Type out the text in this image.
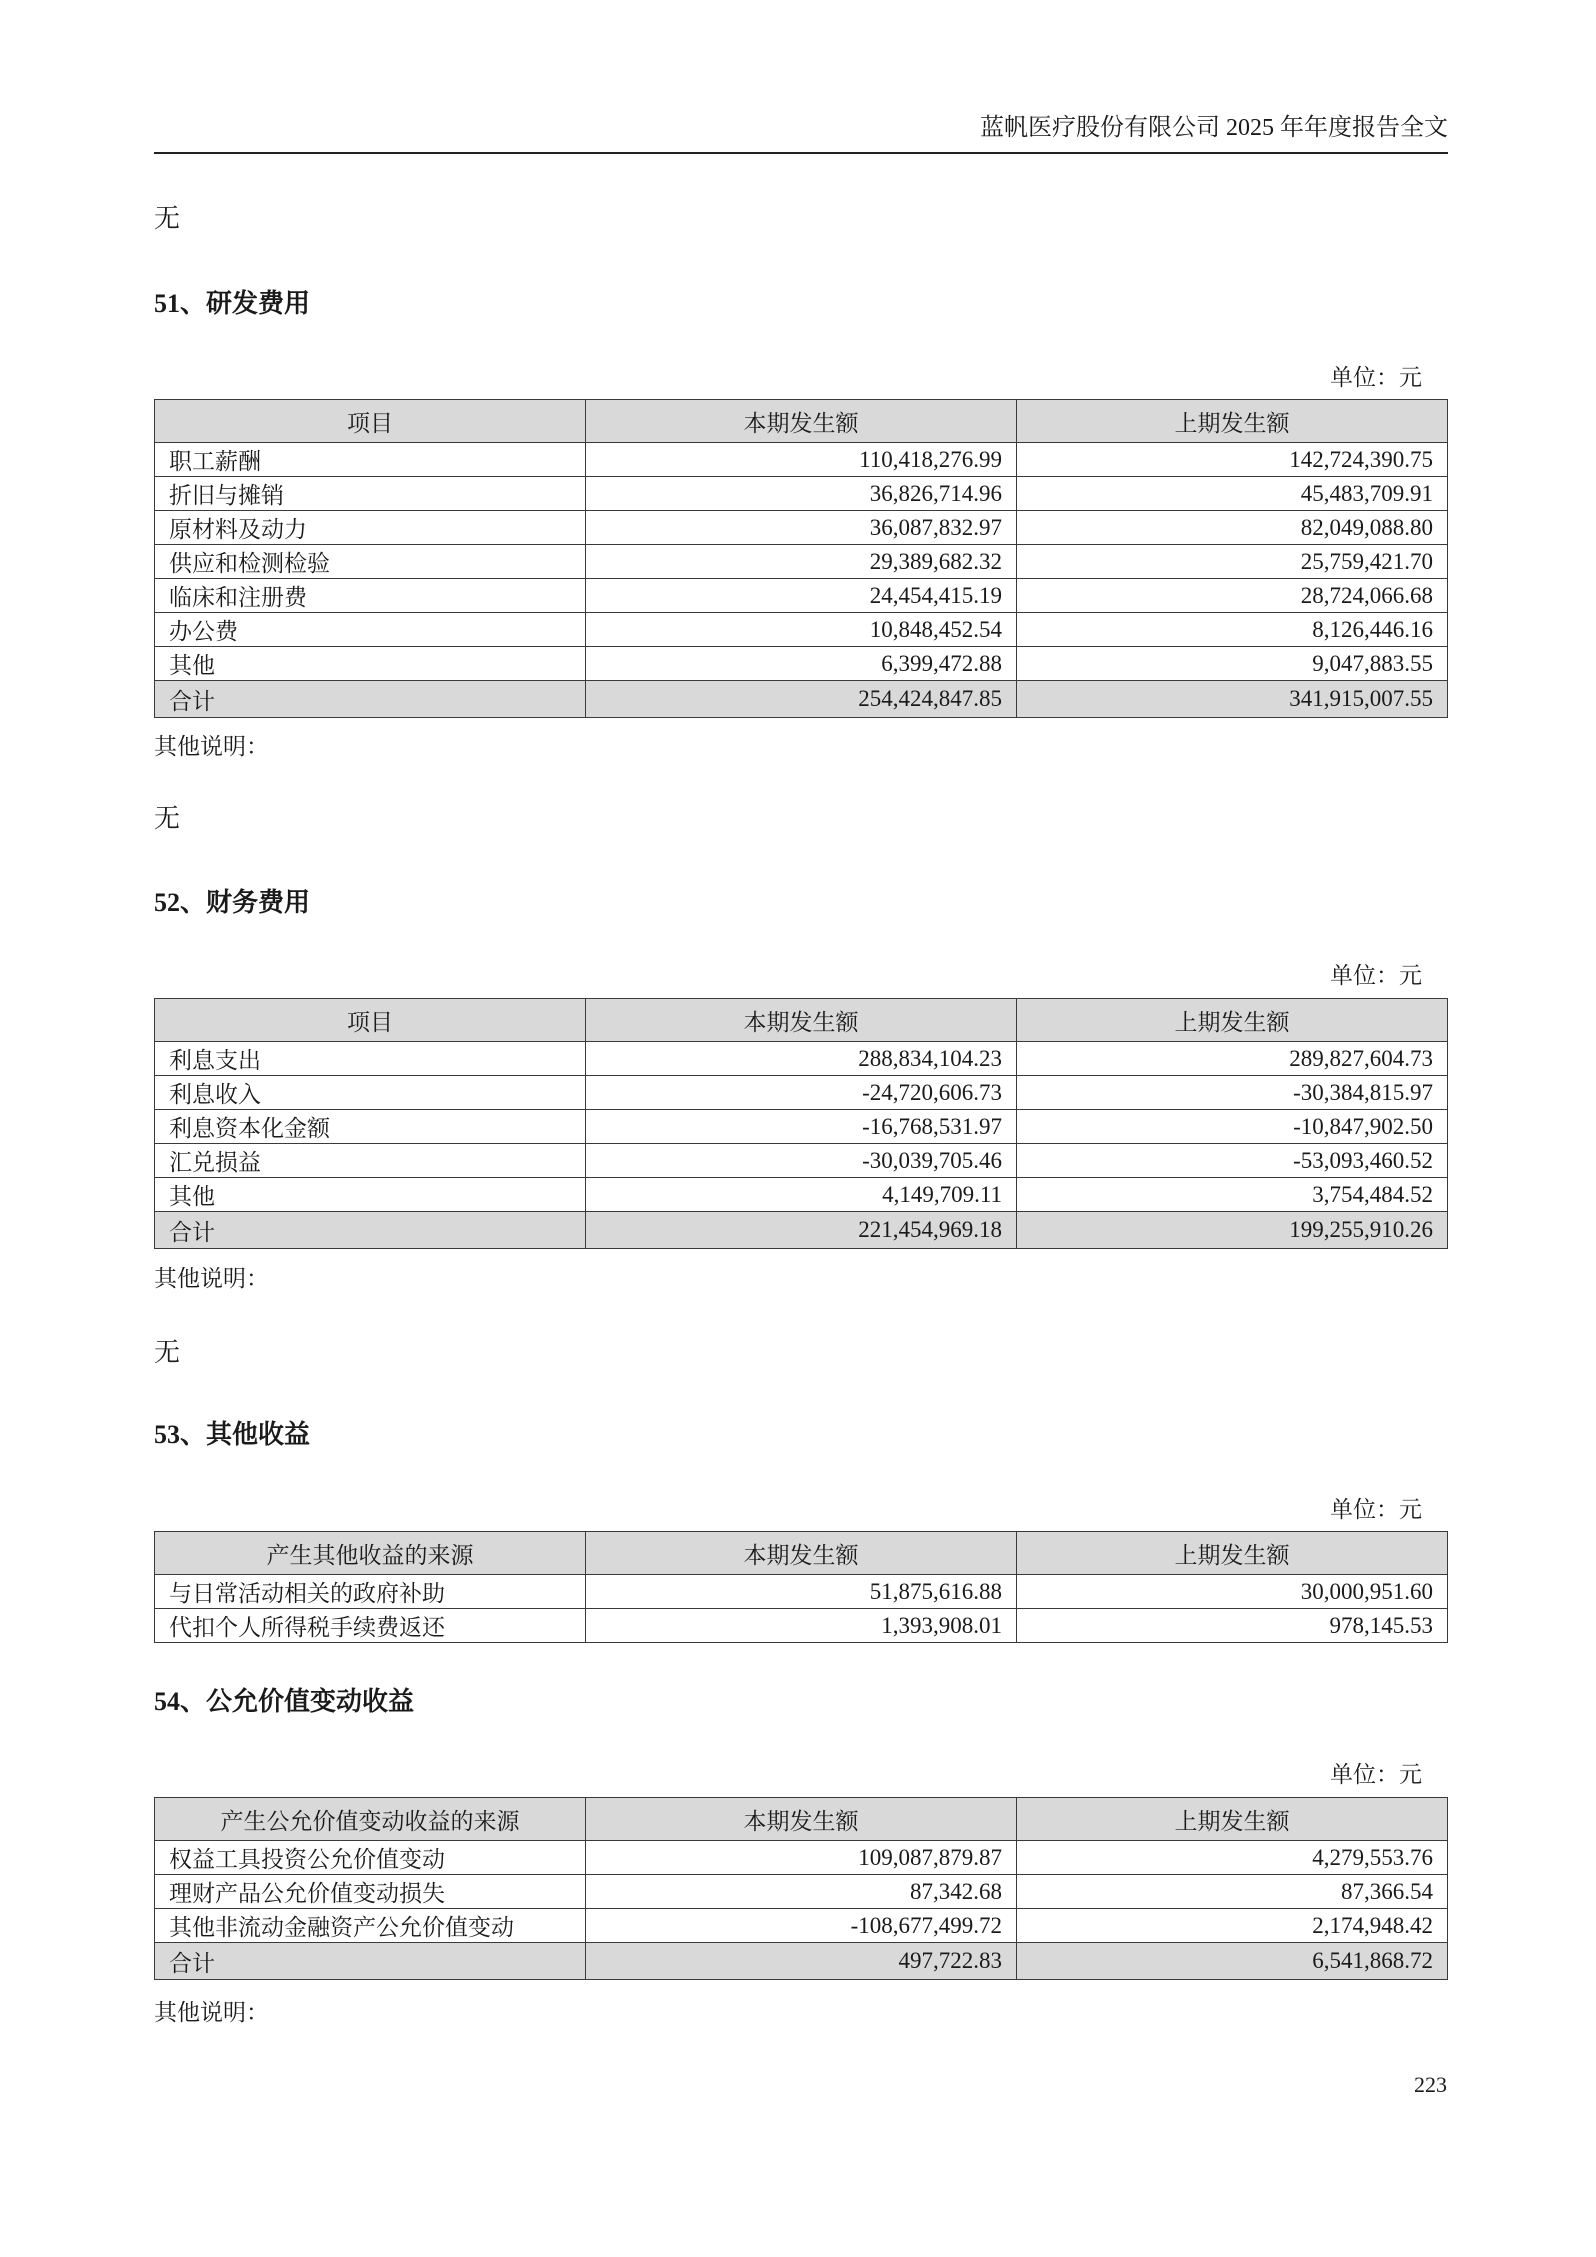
蓝帆医疗股份有限公司 2025 年年度报告全文
无
51、研发费用
单位：元
项目	本期发生额	上期发生额
职工薪酬	110,418,276.99	142,724,390.75
折旧与摊销	36,826,714.96	45,483,709.91
原材料及动力	36,087,832.97	82,049,088.80
供应和检测检验	29,389,682.32	25,759,421.70
临床和注册费	24,454,415.19	28,724,066.68
办公费	10,848,452.54	8,126,446.16
其他	6,399,472.88	9,047,883.55
合计	254,424,847.85	341,915,007.55
其他说明：
无
52、财务费用
单位：元
项目	本期发生额	上期发生额
利息支出	288,834,104.23	289,827,604.73
利息收入	-24,720,606.73	-30,384,815.97
利息资本化金额	-16,768,531.97	-10,847,902.50
汇兑损益	-30,039,705.46	-53,093,460.52
其他	4,149,709.11	3,754,484.52
合计	221,454,969.18	199,255,910.26
其他说明：
无
53、其他收益
单位：元
产生其他收益的来源	本期发生额	上期发生额
与日常活动相关的政府补助	51,875,616.88	30,000,951.60
代扣个人所得税手续费返还	1,393,908.01	978,145.53
54、公允价值变动收益
单位：元
产生公允价值变动收益的来源	本期发生额	上期发生额
权益工具投资公允价值变动	109,087,879.87	4,279,553.76
理财产品公允价值变动损失	87,342.68	87,366.54
其他非流动金融资产公允价值变动	-108,677,499.72	2,174,948.42
合计	497,722.83	6,541,868.72
其他说明：
223
